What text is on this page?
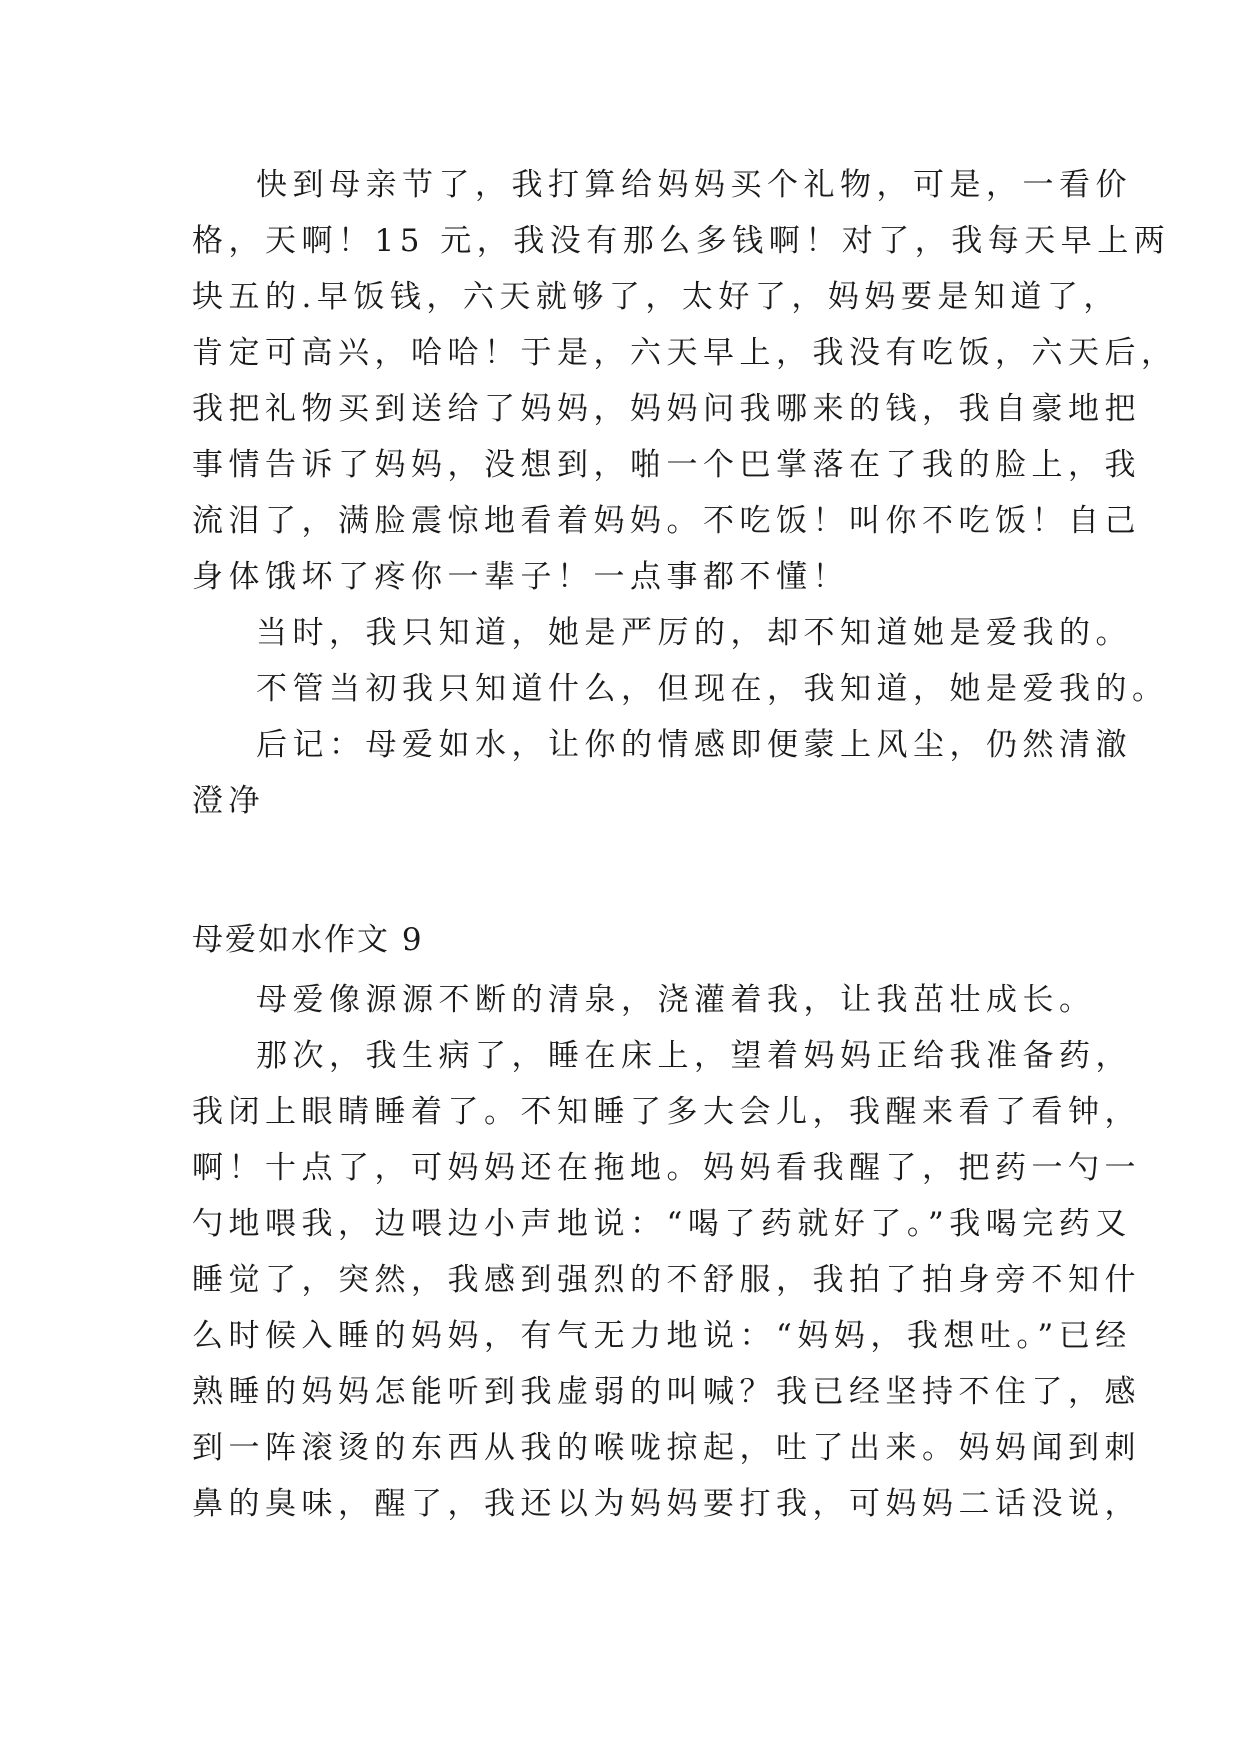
快到母亲节了，我打算给妈妈买个礼物，可是，一看价
格，天啊！15 元，我没有那么多钱啊！对了，我每天早上两
块五的.早饭钱，六天就够了，太好了，妈妈要是知道了，
肯定可高兴，哈哈！于是，六天早上，我没有吃饭，六天后，
我把礼物买到送给了妈妈，妈妈问我哪来的钱，我自豪地把
事情告诉了妈妈，没想到，啪一个巴掌落在了我的脸上，我
流泪了，满脸震惊地看着妈妈。不吃饭！叫你不吃饭！自己
身体饿坏了疼你一辈子！一点事都不懂！
当时，我只知道，她是严厉的，却不知道她是爱我的。
不管当初我只知道什么，但现在，我知道，她是爱我的。
后记：母爱如水，让你的情感即便蒙上风尘，仍然清澈
澄净
母爱如水作文 9
母爱像源源不断的清泉，浇灌着我，让我茁壮成长。
那次，我生病了，睡在床上，望着妈妈正给我准备药，
我闭上眼睛睡着了。不知睡了多大会儿，我醒来看了看钟，
啊！十点了，可妈妈还在拖地。妈妈看我醒了，把药一勺一
勺地喂我，边喂边小声地说：“喝了药就好了。”我喝完药又
睡觉了，突然，我感到强烈的不舒服，我拍了拍身旁不知什
么时候入睡的妈妈，有气无力地说：“妈妈，我想吐。”已经
熟睡的妈妈怎能听到我虚弱的叫喊？我已经坚持不住了，感
到一阵滚烫的东西从我的喉咙掠起，吐了出来。妈妈闻到刺
鼻的臭味，醒了，我还以为妈妈要打我，可妈妈二话没说，
